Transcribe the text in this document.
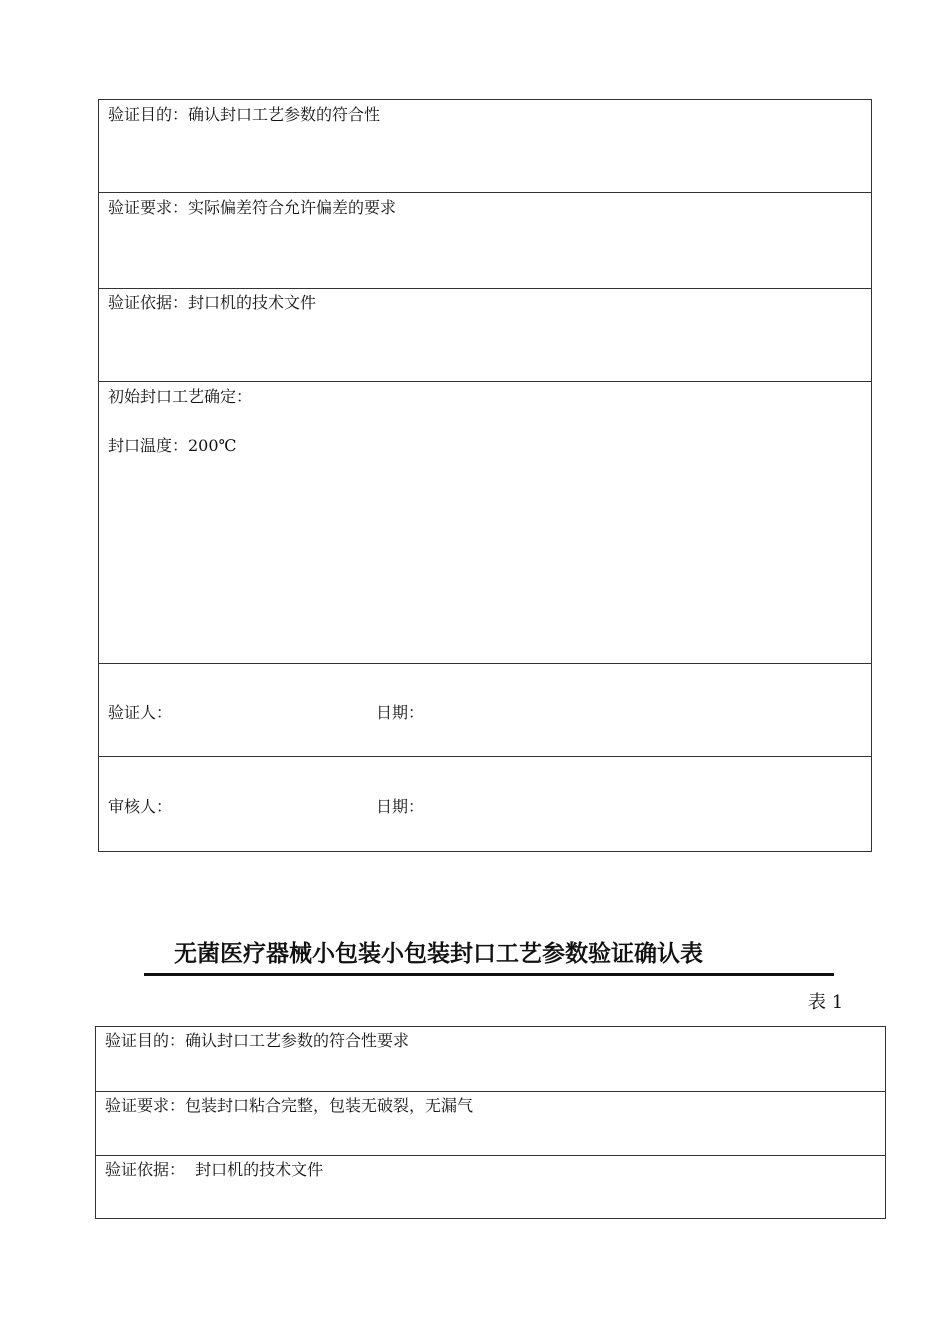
验证目的：确认封口工艺参数的符合性
验证要求：实际偏差符合允许偏差的要求
验证依据：封口机的技术文件
初始封口工艺确定：
封口温度：200℃
验证人：	日期：
审核人：	日期：
无菌医疗器械小包装小包装封口工艺参数验证确认表
表 1
验证目的：确认封口工艺参数的符合性要求
验证要求：包装封口粘合完整，包装无破裂，无漏气
验证依据：  封口机的技术文件
